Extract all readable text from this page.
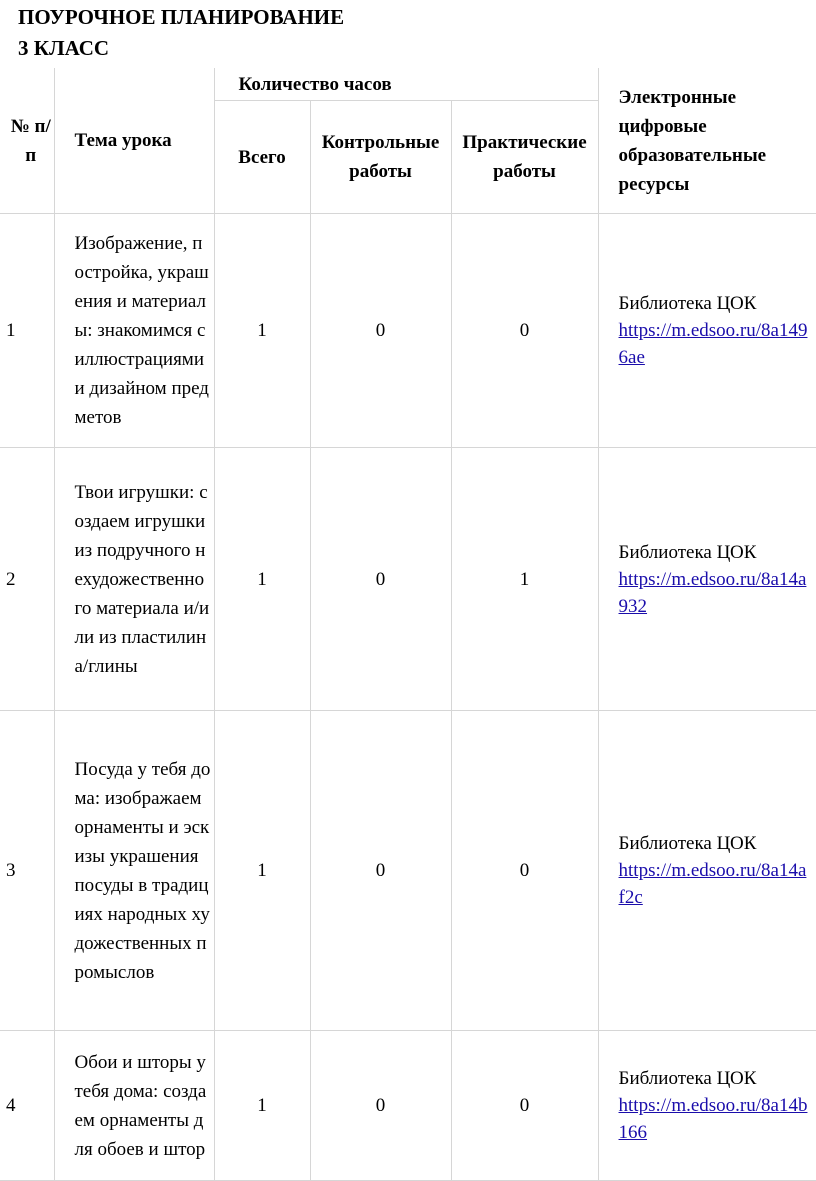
ПОУРОЧНОЕ ПЛАНИРОВАНИЕ
3 КЛАСС
№ п/п	Тема урока	Количество часов			Электронные цифровые образовательные ресурсы
		Всего	Контрольные работы	Практические работы	
1	Изображение, постройка, украшения и материалы: знакомимся с иллюстрациями и дизайном предметов	1	0	0	Библиотека ЦОК
https://m.edsoo.ru/8a1496ae

2	Твои игрушки: создаем игрушки из подручного нехудожественного материала и/или из пластилина/глины	1	0	1	Библиотека ЦОК
https://m.edsoo.ru/8a14a932

3	Посуда у тебя дома: изображаем орнаменты и эскизы украшения посуды в традициях народных художественных промыслов	1	0	0	Библиотека ЦОК
https://m.edsoo.ru/8a14af2c

4	Обои и шторы у тебя дома: создаем орнаменты для обоев и штор	1	0	0	Библиотека ЦОК
https://m.edsoo.ru/8a14b166
